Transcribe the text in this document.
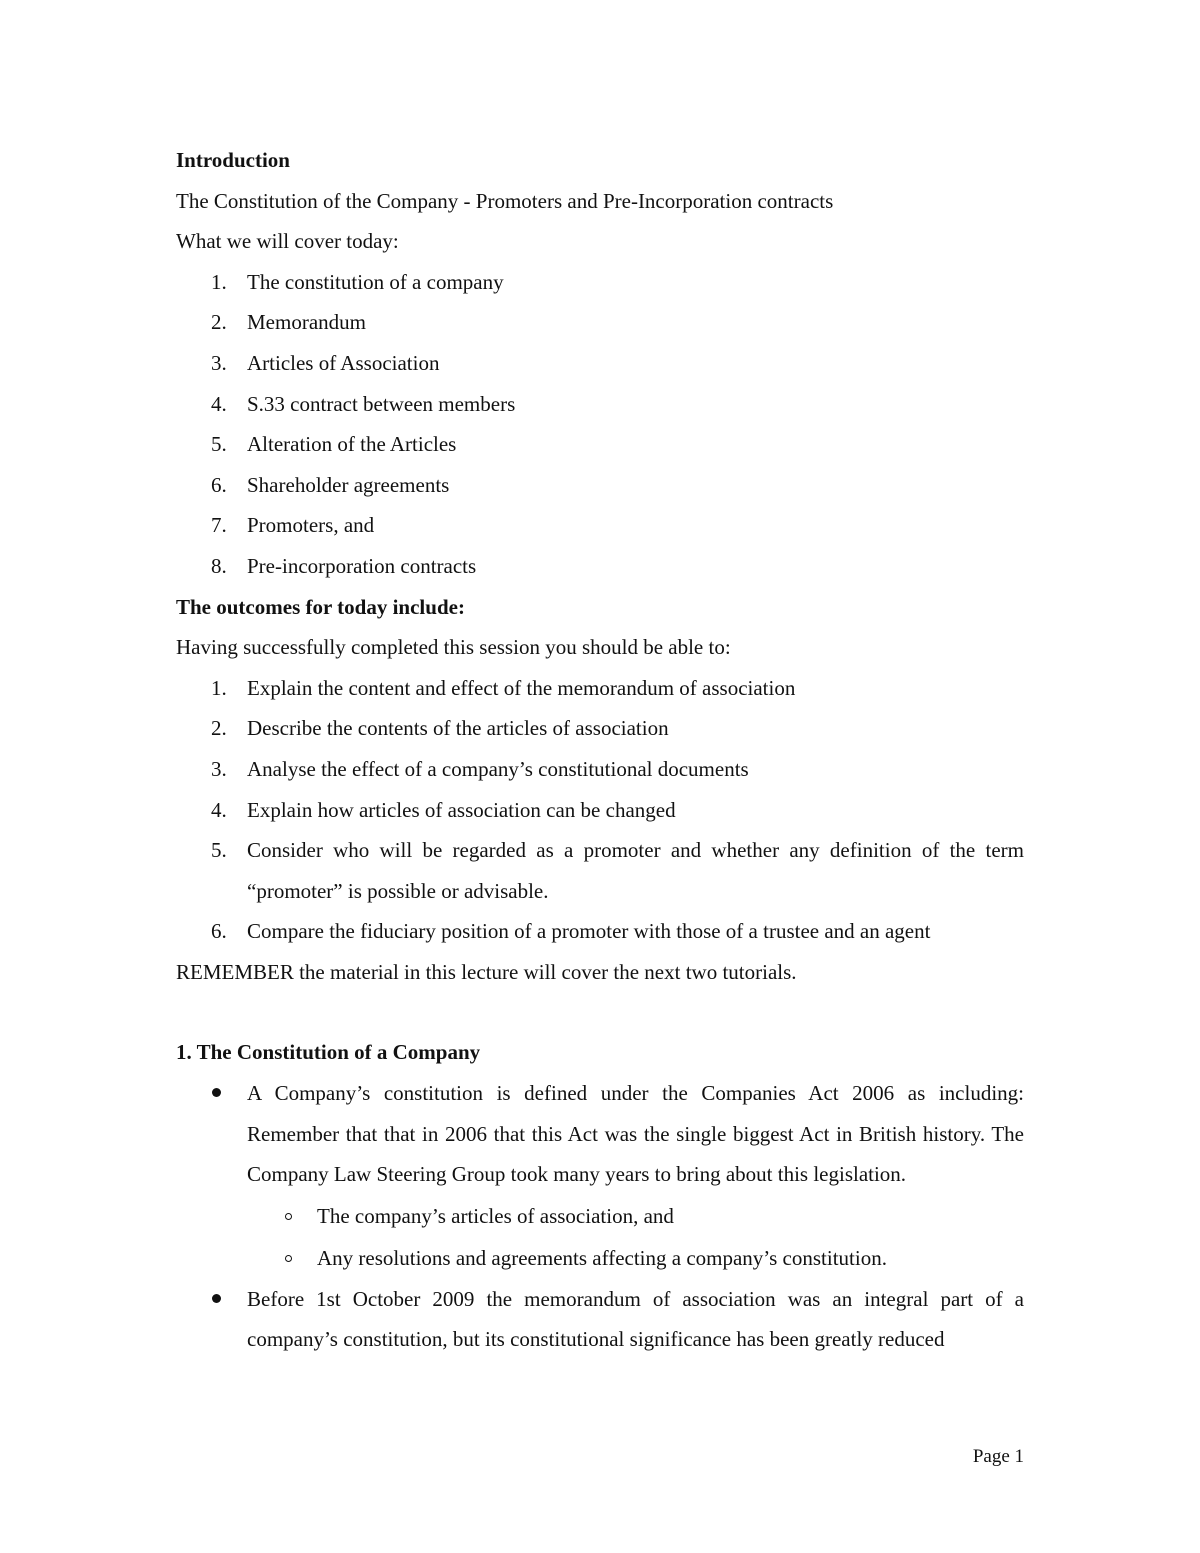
Introduction

The Constitution of the Company - Promoters and Pre-Incorporation contracts

What we will cover today:

1. The constitution of a company
2. Memorandum
3. Articles of Association
4. S.33 contract between members
5. Alteration of the Articles
6. Shareholder agreements
7. Promoters, and
8. Pre-incorporation contracts

The outcomes for today include:

Having successfully completed this session you should be able to:

1. Explain the content and effect of the memorandum of association
2. Describe the contents of the articles of association
3. Analyse the effect of a company’s constitutional documents
4. Explain how articles of association can be changed
5. Consider who will be regarded as a promoter and whether any definition of the term “promoter” is possible or advisable.
6. Compare the fiduciary position of a promoter with those of a trustee and an agent

REMEMBER the material in this lecture will cover the next two tutorials.

1. The Constitution of a Company

A Company’s constitution is defined under the Companies Act 2006 as including: Remember that that in 2006 that this Act was the single biggest Act in British history. The Company Law Steering Group took many years to bring about this legislation.
The company’s articles of association, and
Any resolutions and agreements affecting a company’s constitution.
Before 1st October 2009 the memorandum of association was an integral part of a company’s constitution, but its constitutional significance has been greatly reduced
Page 1
